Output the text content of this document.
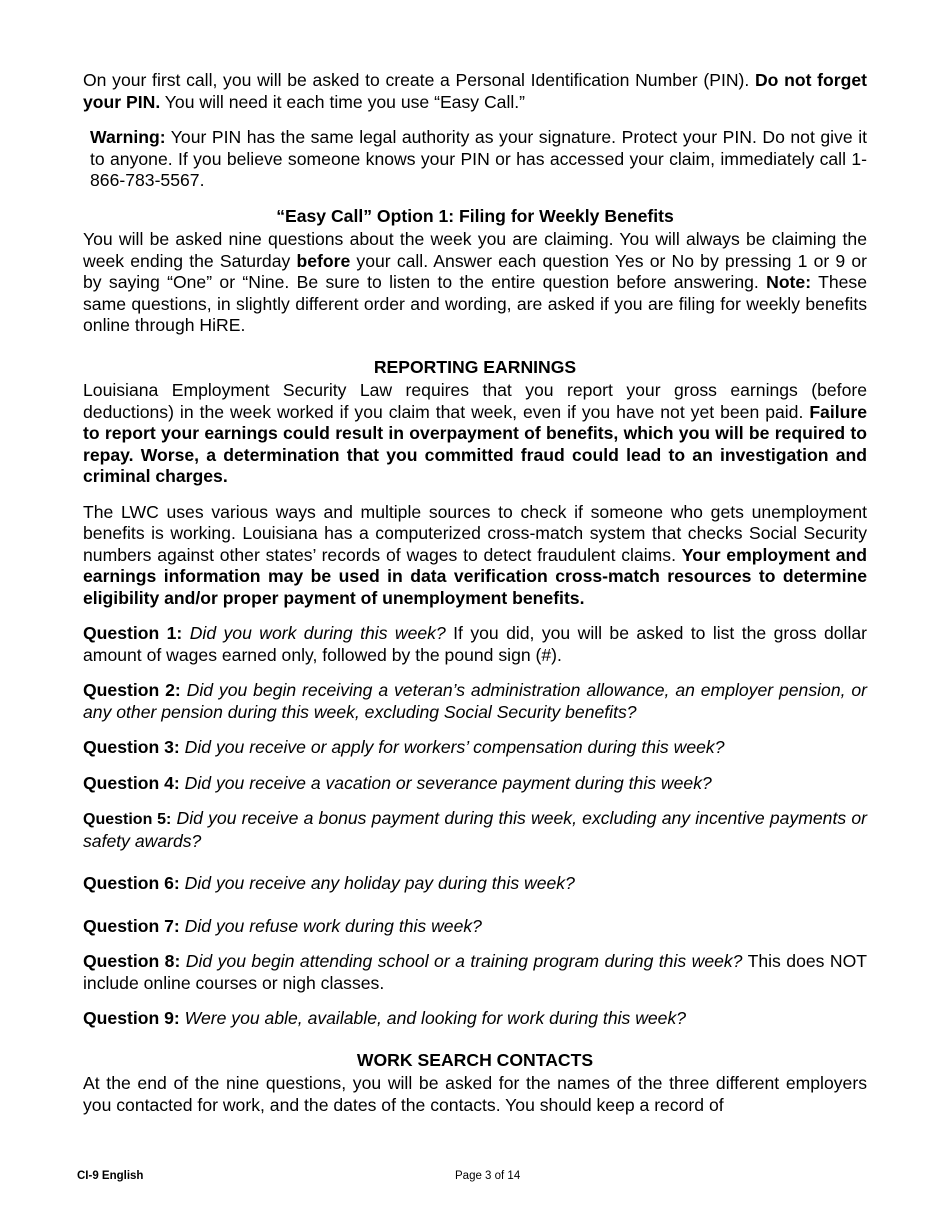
On your first call, you will be asked to create a Personal Identification Number (PIN). Do not forget your PIN. You will need it each time you use “Easy Call.”

Warning: Your PIN has the same legal authority as your signature. Protect your PIN. Do not give it to anyone. If you believe someone knows your PIN or has accessed your claim, immediately call 1-866-783-5567.

“Easy Call” Option 1: Filing for Weekly Benefits

You will be asked nine questions about the week you are claiming. You will always be claiming the week ending the Saturday before your call. Answer each question Yes or No by pressing 1 or 9 or by saying “One” or “Nine. Be sure to listen to the entire question before answering. Note: These same questions, in slightly different order and wording, are asked if you are filing for weekly benefits online through HiRE.

REPORTING EARNINGS

Louisiana Employment Security Law requires that you report your gross earnings (before deductions) in the week worked if you claim that week, even if you have not yet been paid. Failure to report your earnings could result in overpayment of benefits, which you will be required to repay. Worse, a determination that you committed fraud could lead to an investigation and criminal charges.

The LWC uses various ways and multiple sources to check if someone who gets unemployment benefits is working. Louisiana has a computerized cross-match system that checks Social Security numbers against other states’ records of wages to detect fraudulent claims. Your employment and earnings information may be used in data verification cross-match resources to determine eligibility and/or proper payment of unemployment benefits.

Question 1: Did you work during this week? If you did, you will be asked to list the gross dollar amount of wages earned only, followed by the pound sign (#).

Question 2: Did you begin receiving a veteran’s administration allowance, an employer pension, or any other pension during this week, excluding Social Security benefits?

Question 3: Did you receive or apply for workers’ compensation during this week?

Question 4: Did you receive a vacation or severance payment during this week?

Question 5: Did you receive a bonus payment during this week, excluding any incentive payments or safety awards?

Question 6: Did you receive any holiday pay during this week?

Question 7: Did you refuse work during this week?

Question 8: Did you begin attending school or a training program during this week? This does NOT include online courses or nigh classes.

Question 9: Were you able, available, and looking for work during this week?

WORK SEARCH CONTACTS

At the end of the nine questions, you will be asked for the names of the three different employers you contacted for work, and the dates of the contacts. You should keep a record of

CI-9 English	Page 3 of 14
